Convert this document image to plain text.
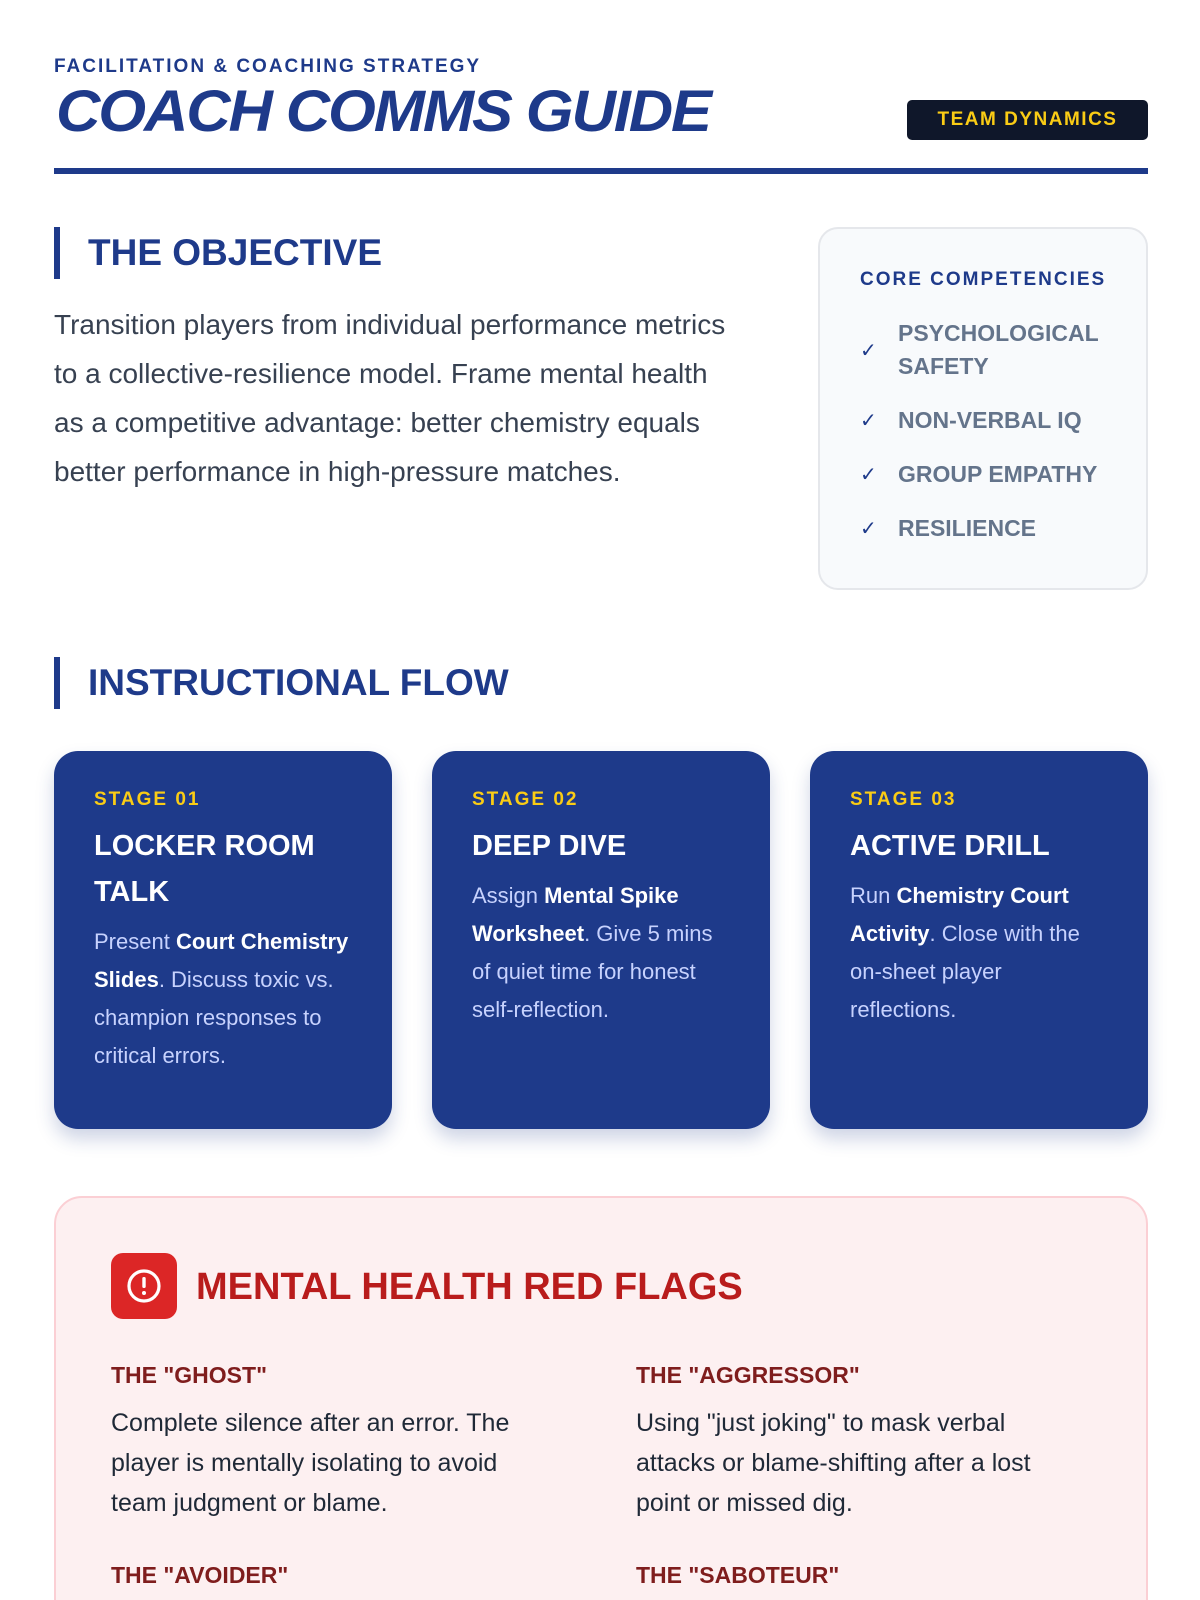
FACILITATION & COACHING STRATEGY
COACH COMMS GUIDE	TEAM DYNAMICS
THE OBJECTIVE

Transition players from individual performance metrics to a collective-resilience model. Frame mental health as a competitive advantage: better chemistry equals better performance in high-pressure matches.

CORE COMPETENCIES
✓
PSYCHOLOGICAL SAFETY
✓ NON-VERBAL IQ
✓ GROUP EMPATHY
✓ RESILIENCE
INSTRUCTIONAL FLOW
STAGE 01
LOCKER ROOM TALK

Present Court Chemistry Slides. Discuss toxic vs. champion responses to critical errors.

STAGE 02
DEEP DIVE

Assign Mental Spike Worksheet. Give 5 mins of quiet time for honest self-reflection.

STAGE 03
ACTIVE DRILL

Run Chemistry Court Activity. Close with the on-sheet player reflections.

MENTAL HEALTH RED FLAGS
THE "GHOST"

Complete silence after an error. The player is mentally isolating to avoid team judgment or blame.

THE "AGGRESSOR"

Using "just joking" to mask verbal attacks or blame-shifting after a lost point or missed dig.

THE "AVOIDER"	THE "SABOTEUR"
